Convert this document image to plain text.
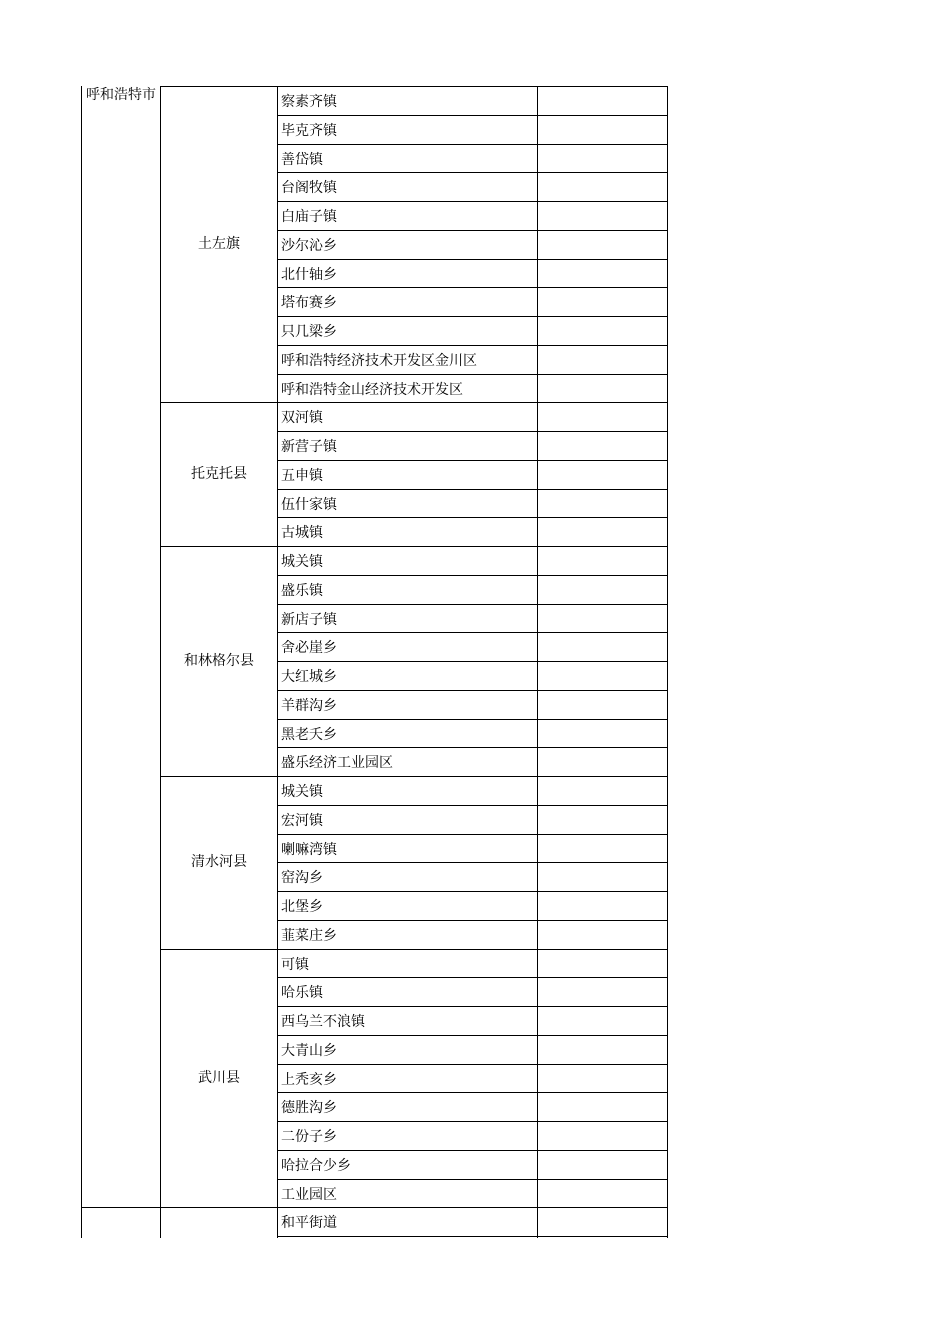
呼和浩特市	察素齐镇
毕克齐镇
善岱镇
台阁牧镇
白庙子镇
沙尔沁乡
北什轴乡
塔布赛乡
只几梁乡
呼和浩特经济技术开发区金川区
呼和浩特金山经济技术开发区
土左旗
双河镇
新营子镇
五申镇
伍什家镇
古城镇
托克托县
城关镇
盛乐镇
新店子镇
舍必崖乡
大红城乡
羊群沟乡
黑老夭乡
盛乐经济工业园区
和林格尔县
城关镇
宏河镇
喇嘛湾镇
窑沟乡
北堡乡
韮菜庄乡
清水河县
可镇
哈乐镇
西乌兰不浪镇
大青山乡
上秃亥乡
德胜沟乡
二份子乡
哈拉合少乡
工业园区
武川县
和平街道
